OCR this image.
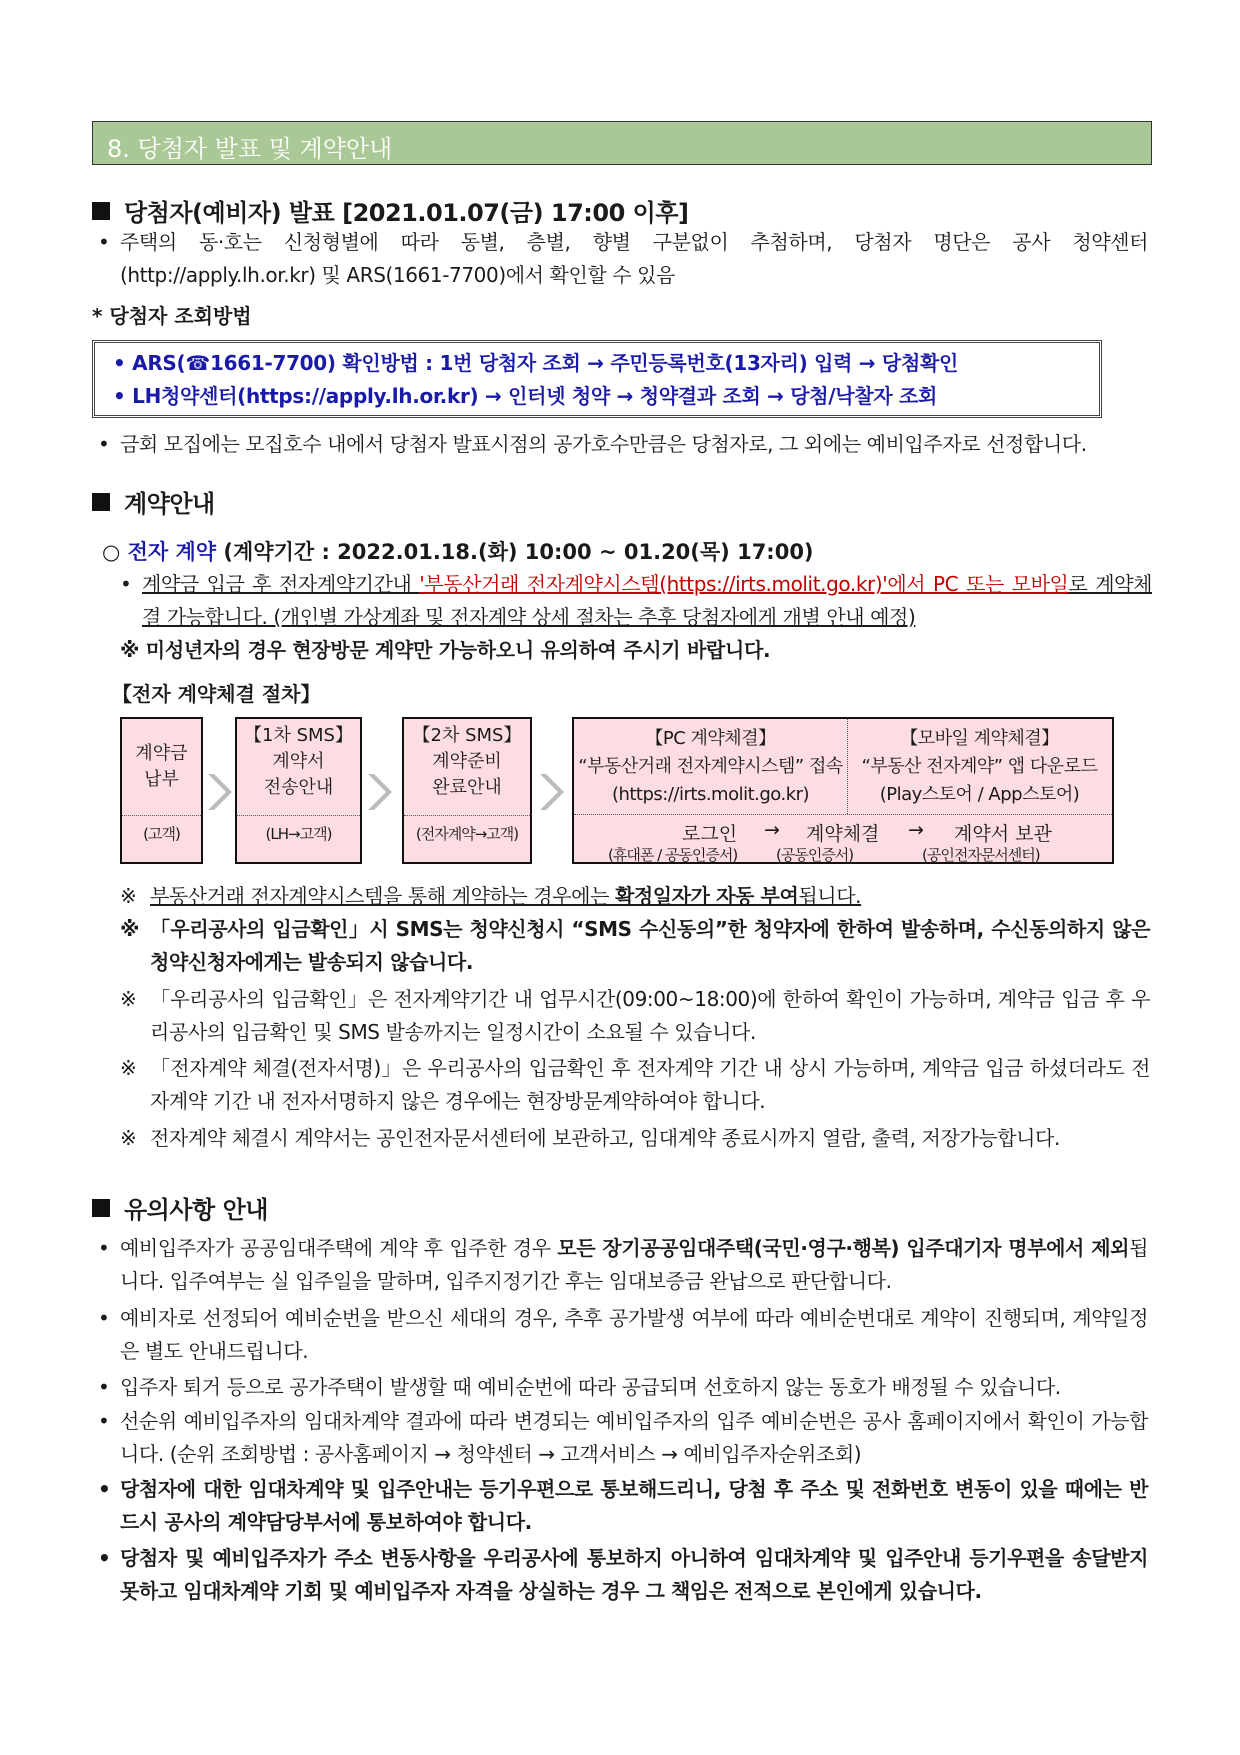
8. 당첨자 발표 및 계약안내
당첨자(예비자) 발표 [2021.01.07(금) 17:00 이후]
• 주택의 동·호는 신청형별에 따라 동별, 층별, 향별 구분없이 추첨하며, 당첨자 명단은 공사 청약센터(http://apply.lh.or.kr) 및 ARS(1661-7700)에서 확인할 수 있음
* 당첨자 조회방법
• ARS(☎1661-7700) 확인방법 : 1번 당첨자 조회 → 주민등록번호(13자리) 입력 → 당첨확인
• LH청약센터(https://apply.lh.or.kr) → 인터넷 청약 → 청약결과 조회 → 당첨/낙찰자 조회
• 금회 모집에는 모집호수 내에서 당첨자 발표시점의 공가호수만큼은 당첨자로, 그 외에는 예비입주자로 선정합니다.
계약안내
○ 전자 계약 (계약기간 : 2022.01.18.(화) 10:00 ~ 01.20(목) 17:00)
• 계약금 입금 후 전자계약기간내 '부동산거래 전자계약시스템(https://irts.molit.go.kr)'에서 PC 또는 모바일로 계약체결 가능합니다. (개인별 가상계좌 및 전자계약 상세 절차는 추후 당첨자에게 개별 안내 예정)
※ 미성년자의 경우 현장방문 계약만 가능하오니 유의하여 주시기 바랍니다.
【전자 계약체결 절차】
계약금
납부
(고객)
【1차 SMS】
계약서
전송안내
(LH→고객)
【2차 SMS】
계약준비
완료안내
(전자계약→고객)
【PC 계약체결】
“부동산거래 전자계약시스템” 접속
(https://irts.molit.go.kr)
【모바일 계약체결】
“부동산 전자계약” 앱 다운로드
(Play스토어 / App스토어)
로그인 → 계약체결 → 계약서 보관
(휴대폰 / 공동인증서)	(공동인증서)	(공인전자문서센터)
※ 부동산거래 전자계약시스템을 통해 계약하는 경우에는 확정일자가 자동 부여됩니다.
※ 「우리공사의 입금확인」시 SMS는 청약신청시 “SMS 수신동의”한 청약자에 한하여 발송하며, 수신동의하지 않은 청약신청자에게는 발송되지 않습니다.
※ 「우리공사의 입금확인」은 전자계약기간 내 업무시간(09:00~18:00)에 한하여 확인이 가능하며, 계약금 입금 후 우리공사의 입금확인 및 SMS 발송까지는 일정시간이 소요될 수 있습니다.
※ 「전자계약 체결(전자서명)」은 우리공사의 입금확인 후 전자계약 기간 내 상시 가능하며, 계약금 입금 하셨더라도 전자계약 기간 내 전자서명하지 않은 경우에는 현장방문계약하여야 합니다.
※ 전자계약 체결시 계약서는 공인전자문서센터에 보관하고, 임대계약 종료시까지 열람, 출력, 저장가능합니다.
유의사항 안내
• 예비입주자가 공공임대주택에 계약 후 입주한 경우 모든 장기공공임대주택(국민·영구·행복) 입주대기자 명부에서 제외됩니다. 입주여부는 실 입주일을 말하며, 입주지정기간 후는 임대보증금 완납으로 판단합니다.
• 예비자로 선정되어 예비순번을 받으신 세대의 경우, 추후 공가발생 여부에 따라 예비순번대로 계약이 진행되며, 계약일정은 별도 안내드립니다.
• 입주자 퇴거 등으로 공가주택이 발생할 때 예비순번에 따라 공급되며 선호하지 않는 동호가 배정될 수 있습니다.
• 선순위 예비입주자의 임대차계약 결과에 따라 변경되는 예비입주자의 입주 예비순번은 공사 홈페이지에서 확인이 가능합니다. (순위 조회방법 : 공사홈페이지 → 청약센터 → 고객서비스 → 예비입주자순위조회)
• 당첨자에 대한 임대차계약 및 입주안내는 등기우편으로 통보해드리니, 당첨 후 주소 및 전화번호 변동이 있을 때에는 반드시 공사의 계약담당부서에 통보하여야 합니다.
• 당첨자 및 예비입주자가 주소 변동사항을 우리공사에 통보하지 아니하여 임대차계약 및 입주안내 등기우편을 송달받지 못하고 임대차계약 기회 및 예비입주자 자격을 상실하는 경우 그 책임은 전적으로 본인에게 있습니다.
